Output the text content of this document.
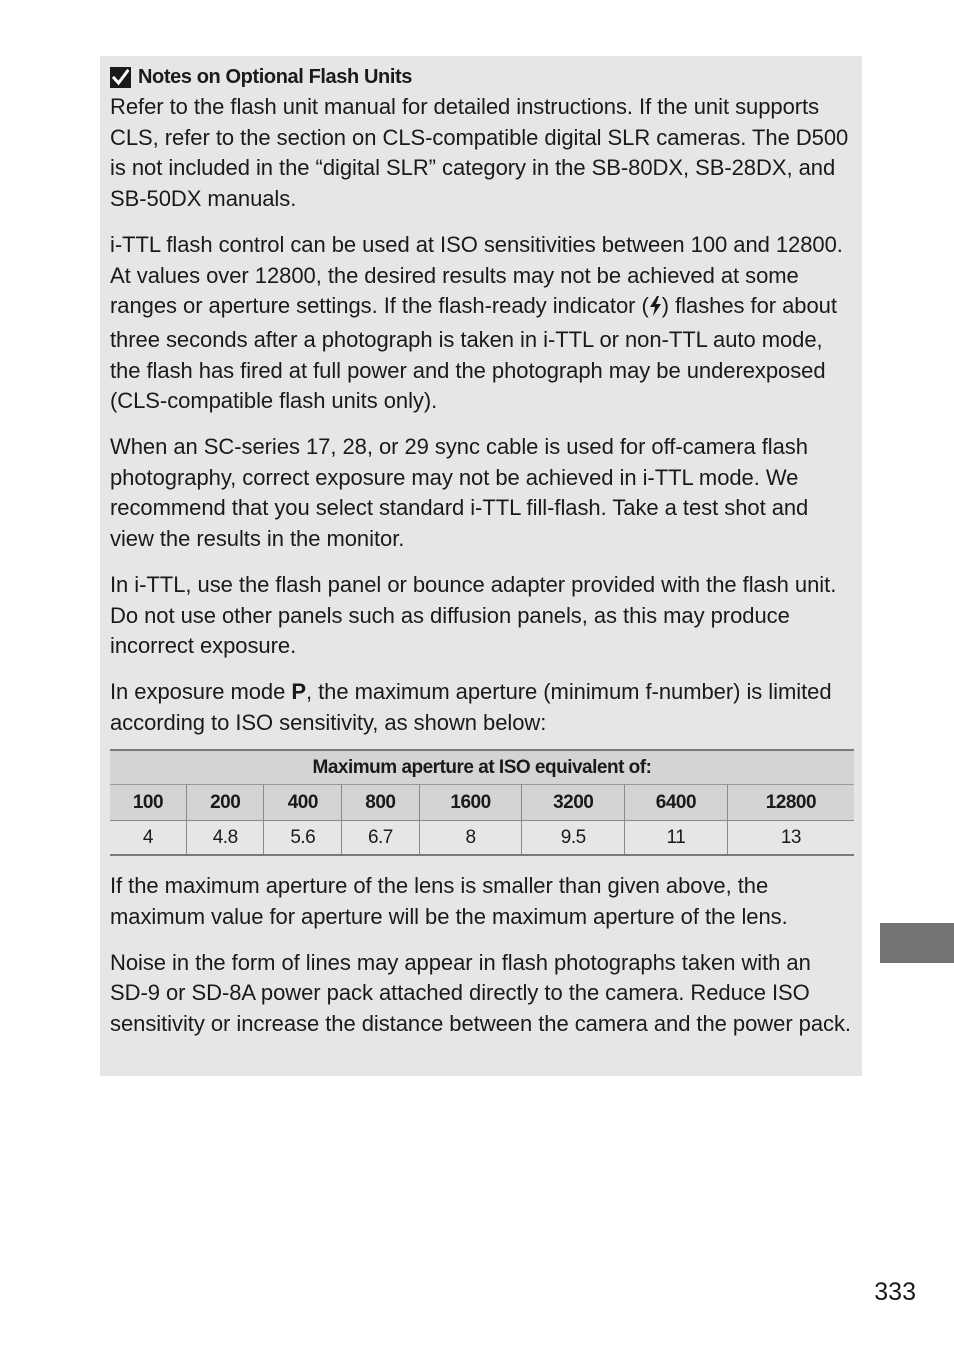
Notes on Optional Flash Units

Refer to the flash unit manual for detailed instructions. If the unit supports CLS, refer to the section on CLS-compatible digital SLR cameras. The D500 is not included in the “digital SLR” category in the SB-80DX, SB-28DX, and SB-50DX manuals.

i-TTL flash control can be used at ISO sensitivities between 100 and 12800. At values over 12800, the desired results may not be achieved at some ranges or aperture settings. If the flash-ready indicator ( ) flashes for about three seconds after a photograph is taken in i-TTL or non-TTL auto mode, the flash has fired at full power and the photograph may be underexposed (CLS-compatible flash units only).

When an SC-series 17, 28, or 29 sync cable is used for off-camera flash photography, correct exposure may not be achieved in i-TTL mode. We recommend that you select standard i-TTL fill-flash. Take a test shot and view the results in the monitor.

In i-TTL, use the flash panel or bounce adapter provided with the flash unit. Do not use other panels such as diffusion panels, as this may produce incorrect exposure.

In exposure mode P, the maximum aperture (minimum f-number) is limited according to ISO sensitivity, as shown below:

Maximum aperture at ISO equivalent of:							
100	200	400	800	1600	3200	6400	12800
4	4.8	5.6	6.7	8	9.5	11	13

If the maximum aperture of the lens is smaller than given above, the maximum value for aperture will be the maximum aperture of the lens.

Noise in the form of lines may appear in flash photographs taken with an SD-9 or SD-8A power pack attached directly to the camera. Reduce ISO sensitivity or increase the distance between the camera and the power pack.

333
